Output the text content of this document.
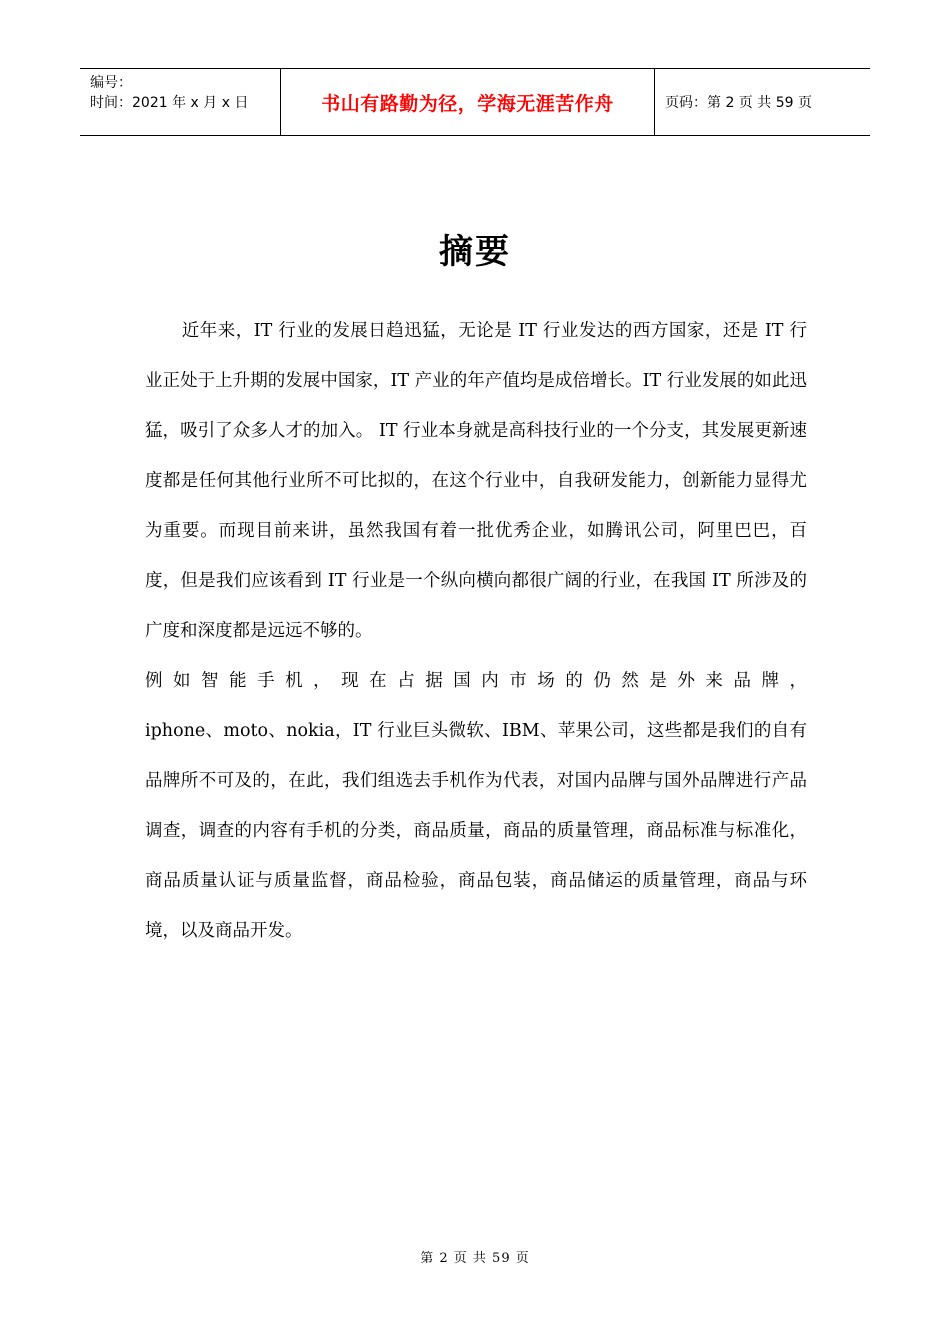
编号：
时间：2021 年 x 月 x 日	书山有路勤为径，学海无涯苦作舟	页码：第 2 页 共 59 页
摘要

近年来，IT 行业的发展日趋迅猛，无论是 IT 行业发达的西方国家，还是 IT 行业正处于上升期的发展中国家，IT 产业的年产值均是成倍增长。IT 行业发展的如此迅猛，吸引了众多人才的加入。 IT 行业本身就是高科技行业的一个分支，其发展更新速度都是任何其他行业所不可比拟的，在这个行业中，自我研发能力，创新能力显得尤为重要。而现目前来讲，虽然我国有着一批优秀企业，如腾讯公司，阿里巴巴，百度，但是我们应该看到 IT 行业是一个纵向横向都很广阔的行业，在我国 IT 所涉及的广度和深度都是远远不够的。

例如智能手机，现在占据国内市场的仍然是外来品牌，

iphone、moto、nokia，IT 行业巨头微软、IBM、苹果公司，这些都是我们的自有品牌所不可及的，在此，我们组选去手机作为代表，对国内品牌与国外品牌进行产品调查，调查的内容有手机的分类，商品质量，商品的质量管理，商品标准与标准化，商品质量认证与质量监督，商品检验，商品包装，商品储运的质量管理，商品与环境，以及商品开发。

第 2 页 共 59 页
